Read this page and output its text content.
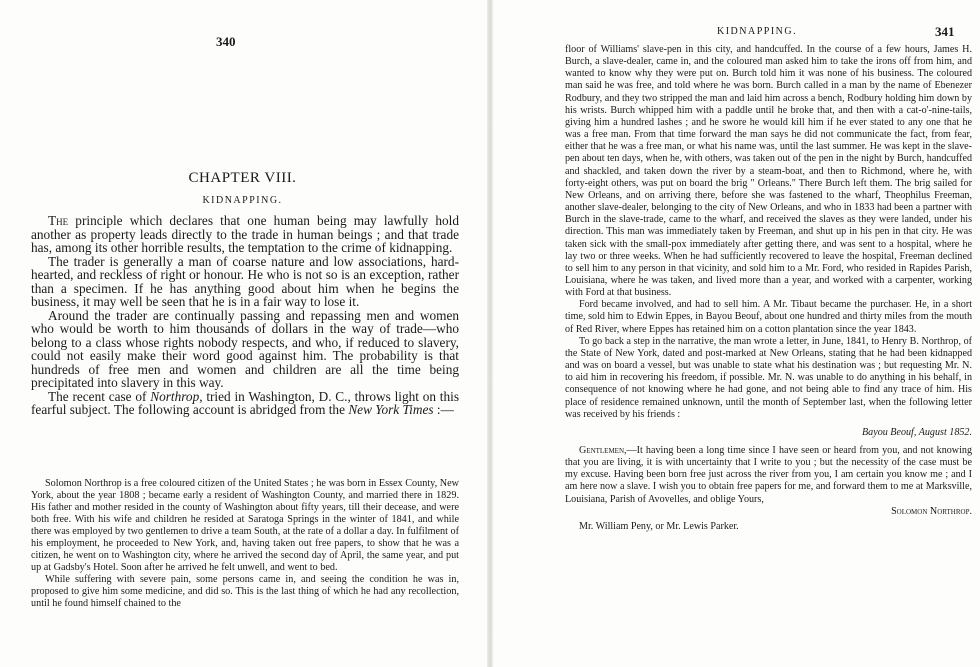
340
CHAPTER VIII.
KIDNAPPING.

The principle which declares that one human being may lawfully hold another as property leads directly to the trade in human beings ; and that trade has, among its other horrible results, the temptation to the crime of kidnapping.

The trader is generally a man of coarse nature and low associations, hard-hearted, and reckless of right or honour. He who is not so is an exception, rather than a specimen. If he has anything good about him when he begins the business, it may well be seen that he is in a fair way to lose it.

Around the trader are continually passing and repassing men and women who would be worth to him thousands of dollars in the way of trade—who belong to a class whose rights nobody respects, and who, if reduced to slavery, could not easily make their word good against him. The probability is that hundreds of free men and women and children are all the time being precipitated into slavery in this way.

The recent case of Northrop, tried in Washington, D. C., throws light on this fearful subject. The following account is abridged from the New York Times :—

Solomon Northrop is a free coloured citizen of the United States ; he was born in Essex County, New York, about the year 1808 ; became early a resident of Washington County, and married there in 1829. His father and mother resided in the county of Washington about fifty years, till their decease, and were both free. With his wife and children he resided at Saratoga Springs in the winter of 1841, and while there was employed by two gentlemen to drive a team South, at the rate of a dollar a day. In fulfilment of his employment, he proceeded to New York, and, having taken out free papers, to show that he was a citizen, he went on to Washington city, where he arrived the second day of April, the same year, and put up at Gadsby's Hotel. Soon after he arrived he felt unwell, and went to bed.

While suffering with severe pain, some persons came in, and seeing the condition he was in, proposed to give him some medicine, and did so. This is the last thing of which he had any recollection, until he found himself chained to the

KIDNAPPING.	341

floor of Williams' slave-pen in this city, and handcuffed. In the course of a few hours, James H. Burch, a slave-dealer, came in, and the coloured man asked him to take the irons off from him, and wanted to know why they were put on. Burch told him it was none of his business. The coloured man said he was free, and told where he was born. Burch called in a man by the name of Ebenezer Rodbury, and they two stripped the man and laid him across a bench, Rodbury holding him down by his wrists. Burch whipped him with a paddle until he broke that, and then with a cat-o'-nine-tails, giving him a hundred lashes ; and he swore he would kill him if he ever stated to any one that he was a free man. From that time forward the man says he did not communicate the fact, from fear, either that he was a free man, or what his name was, until the last summer. He was kept in the slave-pen about ten days, when he, with others, was taken out of the pen in the night by Burch, handcuffed and shackled, and taken down the river by a steam-boat, and then to Richmond, where he, with forty-eight others, was put on board the brig " Orleans." There Burch left them. The brig sailed for New Orleans, and on arriving there, before she was fastened to the wharf, Theophilus Freeman, another slave-dealer, belonging to the city of New Orleans, and who in 1833 had been a partner with Burch in the slave-trade, came to the wharf, and received the slaves as they were landed, under his direction. This man was immediately taken by Freeman, and shut up in his pen in that city. He was taken sick with the small-pox immediately after getting there, and was sent to a hospital, where he lay two or three weeks. When he had sufficiently recovered to leave the hospital, Freeman declined to sell him to any person in that vicinity, and sold him to a Mr. Ford, who resided in Rapides Parish, Louisiana, where he was taken, and lived more than a year, and worked with a carpenter, working with Ford at that business.

Ford became involved, and had to sell him. A Mr. Tibaut became the purchaser. He, in a short time, sold him to Edwin Eppes, in Bayou Beouf, about one hundred and thirty miles from the mouth of Red River, where Eppes has retained him on a cotton plantation since the year 1843.

To go back a step in the narrative, the man wrote a letter, in June, 1841, to Henry B. Northrop, of the State of New York, dated and post-marked at New Orleans, stating that he had been kidnapped and was on board a vessel, but was unable to state what his destination was ; but requesting Mr. N. to aid him in recovering his freedom, if possible. Mr. N. was unable to do anything in his behalf, in consequence of not knowing where he had gone, and not being able to find any trace of him. His place of residence remained unknown, until the month of September last, when the following letter was received by his friends :

Bayou Beouf, August 1852.

Gentlemen,—It having been a long time since I have seen or heard from you, and not knowing that you are living, it is with uncertainty that I write to you ; but the necessity of the case must be my excuse. Having been born free just across the river from you, I am certain you know me ; and I am here now a slave. I wish you to obtain free papers for me, and forward them to me at Marksville, Louisiana, Parish of Avovelles, and oblige Yours,

Solomon Northrop.

Mr. William Peny, or Mr. Lewis Parker.
